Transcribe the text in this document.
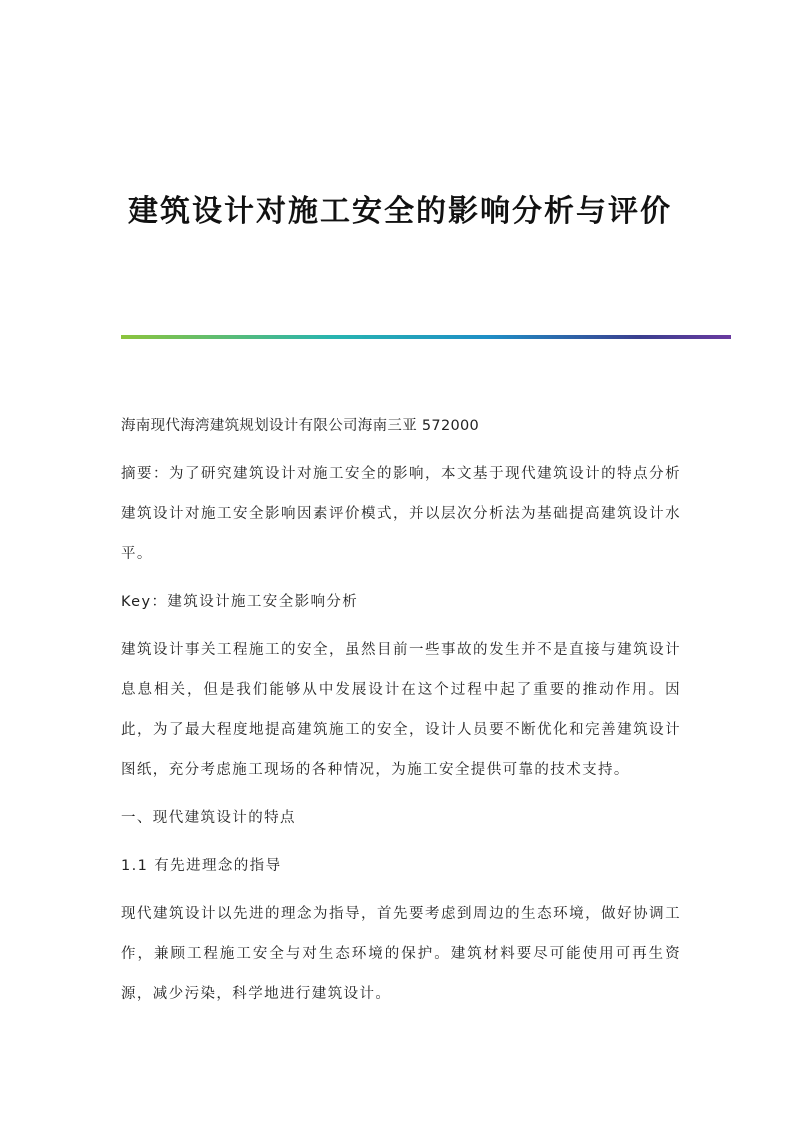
建筑设计对施工安全的影响分析与评价

海南现代海湾建筑规划设计有限公司海南三亚 572000

摘要：为了研究建筑设计对施工安全的影响，本文基于现代建筑设计的特点分析建筑设计对施工安全影响因素评价模式，并以层次分析法为基础提高建筑设计水平。

Key：建筑设计施工安全影响分析

建筑设计事关工程施工的安全，虽然目前一些事故的发生并不是直接与建筑设计息息相关，但是我们能够从中发展设计在这个过程中起了重要的推动作用。因此，为了最大程度地提高建筑施工的安全，设计人员要不断优化和完善建筑设计图纸，充分考虑施工现场的各种情况，为施工安全提供可靠的技术支持。

一、现代建筑设计的特点

1.1 有先进理念的指导

现代建筑设计以先进的理念为指导，首先要考虑到周边的生态环境，做好协调工作，兼顾工程施工安全与对生态环境的保护。建筑材料要尽可能使用可再生资源，减少污染，科学地进行建筑设计。
